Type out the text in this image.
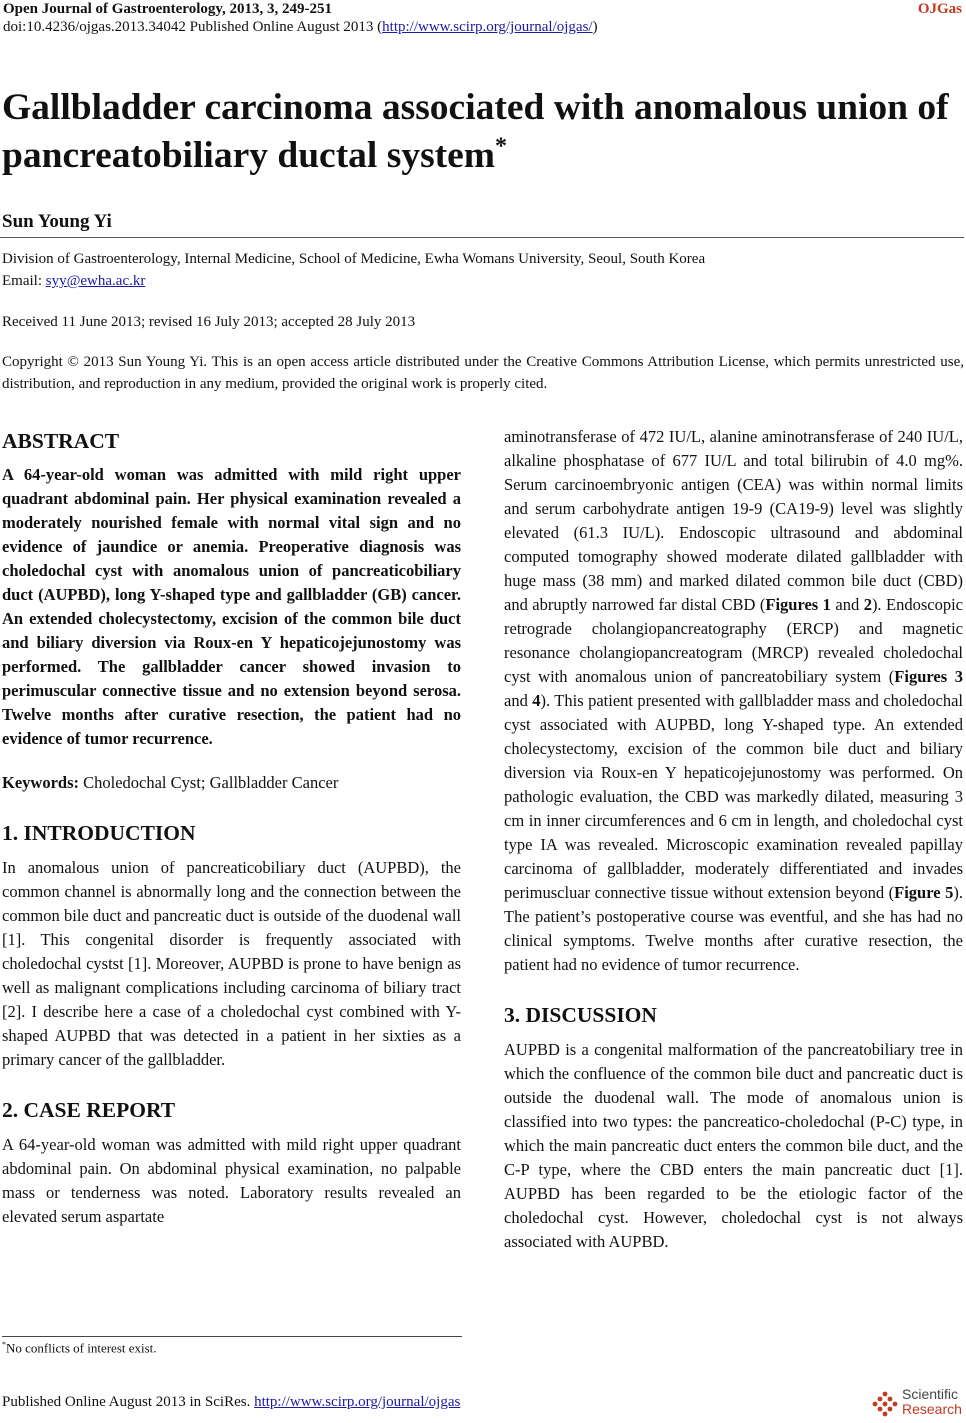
Open Journal of Gastroenterology, 2013, 3, 249-251	OJGas
doi:10.4236/ojgas.2013.34042 Published Online August 2013 (http://www.scirp.org/journal/ojgas/)
Gallbladder carcinoma associated with anomalous union of pancreatobiliary ductal system*
Sun Young Yi
Division of Gastroenterology, Internal Medicine, School of Medicine, Ewha Womans University, Seoul, South Korea
Email: syy@ewha.ac.kr
Received 11 June 2013; revised 16 July 2013; accepted 28 July 2013
Copyright © 2013 Sun Young Yi. This is an open access article distributed under the Creative Commons Attribution License, which permits unrestricted use, distribution, and reproduction in any medium, provided the original work is properly cited.
ABSTRACT

A 64-year-old woman was admitted with mild right upper quadrant abdominal pain. Her physical examination revealed a moderately nourished female with normal vital sign and no evidence of jaundice or anemia. Preoperative diagnosis was choledochal cyst with anomalous union of pancreaticobiliary duct (AUPBD), long Y-shaped type and gallbladder (GB) cancer. An extended cholecystectomy, excision of the common bile duct and biliary diversion via Roux-en Y hepaticojejunostomy was performed. The gallbladder cancer showed invasion to perimuscular connective tissue and no extension beyond serosa. Twelve months after curative resection, the patient had no evidence of tumor recurrence.

Keywords: Choledochal Cyst; Gallbladder Cancer

1. INTRODUCTION

In anomalous union of pancreaticobiliary duct (AUPBD), the common channel is abnormally long and the connection between the common bile duct and pancreatic duct is outside of the duodenal wall [1]. This congenital disorder is frequently associated with choledochal cystst [1]. Moreover, AUPBD is prone to have benign as well as malignant complications including carcinoma of biliary tract [2]. I describe here a case of a choledochal cyst combined with Y-shaped AUPBD that was detected in a patient in her sixties as a primary cancer of the gallbladder.

2. CASE REPORT

A 64-year-old woman was admitted with mild right upper quadrant abdominal pain. On abdominal physical examination, no palpable mass or tenderness was noted. Laboratory results revealed an elevated serum aspartate

aminotransferase of 472 IU/L, alanine aminotransferase of 240 IU/L, alkaline phosphatase of 677 IU/L and total bilirubin of 4.0 mg%. Serum carcinoembryonic antigen (CEA) was within normal limits and serum carbohydrate antigen 19-9 (CA19-9) level was slightly elevated (61.3 IU/L). Endoscopic ultrasound and abdominal computed tomography showed moderate dilated gallbladder with huge mass (38 mm) and marked dilated common bile duct (CBD) and abruptly narrowed far distal CBD (Figures 1 and 2). Endoscopic retrograde cholangiopancreatography (ERCP) and magnetic resonance cholangiopancreatogram (MRCP) revealed choledochal cyst with anomalous union of pancreatobiliary system (Figures 3 and 4). This patient presented with gallbladder mass and choledochal cyst associated with AUPBD, long Y-shaped type. An extended cholecystectomy, excision of the common bile duct and biliary diversion via Roux-en Y hepaticojejunostomy was performed. On pathologic evaluation, the CBD was markedly dilated, measuring 3 cm in inner circumferences and 6 cm in length, and choledochal cyst type IA was revealed. Microscopic examination revealed papillay carcinoma of gallbladder, moderately differentiated and invades perimuscluar connective tissue without extension beyond (Figure 5). The patient’s postoperative course was eventful, and she has had no clinical symptoms. Twelve months after curative resection, the patient had no evidence of tumor recurrence.

3. DISCUSSION

AUPBD is a congenital malformation of the pancreatobiliary tree in which the confluence of the common bile duct and pancreatic duct is outside the duodenal wall. The mode of anomalous union is classified into two types: the pancreatico-choledochal (P-C) type, in which the main pancreatic duct enters the common bile duct, and the C-P type, where the CBD enters the main pancreatic duct [1]. AUPBD has been regarded to be the etiologic factor of the choledochal cyst. However, choledochal cyst is not always associated with AUPBD.

*No conflicts of interest exist.
Published Online August 2013 in SciRes. http://www.scirp.org/journal/ojgas	Scientific
Research
